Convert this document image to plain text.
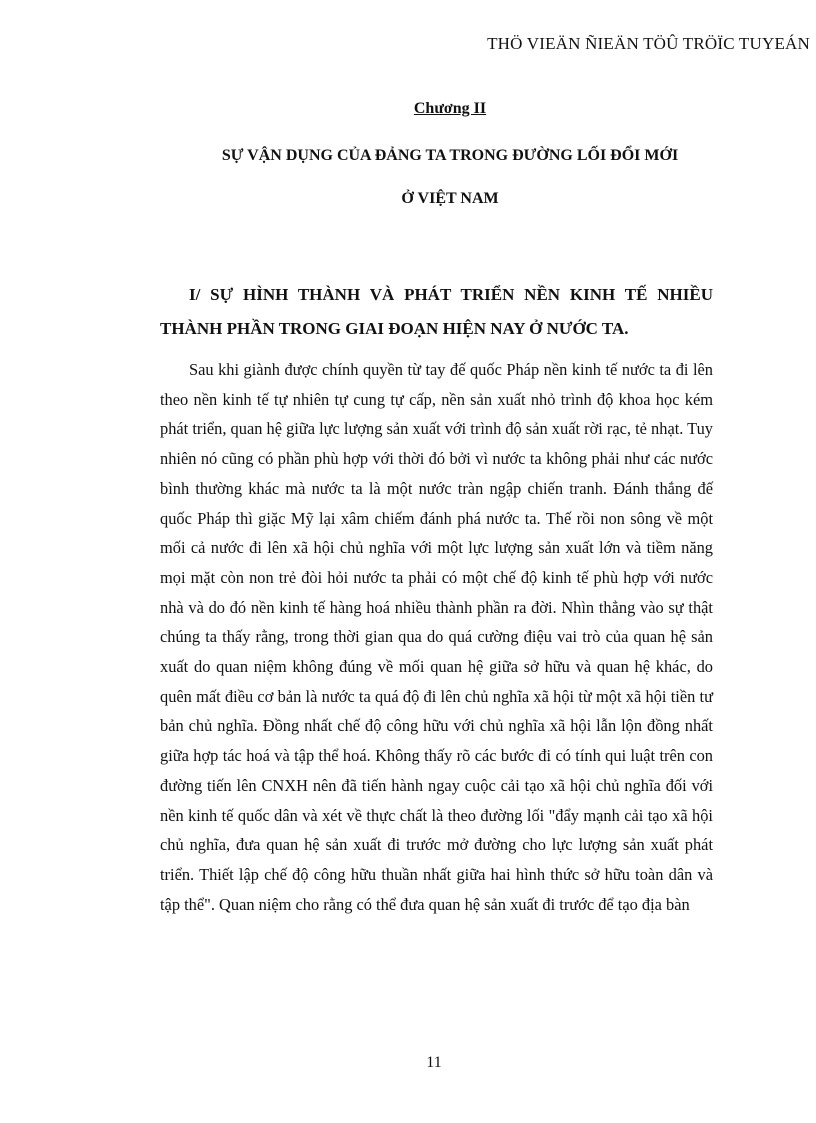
THÖ VIEÄN ÑIEÄN TÖÛ TRÖÏC TUYEÁN
Chương II
SỰ VẬN DỤNG CỦA ĐẢNG TA TRONG ĐƯỜNG LỐI ĐỔI MỚI
Ở VIỆT NAM
I/ SỰ HÌNH THÀNH VÀ PHÁT TRIỂN NỀN KINH TẾ NHIỀU THÀNH PHẦN TRONG GIAI ĐOẠN HIỆN NAY Ở NƯỚC TA.
Sau khi giành được chính quyền từ tay đế quốc Pháp nền kinh tế nước ta đi lên theo nền kinh tế tự nhiên tự cung tự cấp, nền sản xuất nhỏ trình độ khoa học kém phát triển, quan hệ giữa lực lượng sản xuất với trình độ sản xuất rời rạc, tẻ nhạt. Tuy nhiên nó cũng có phần phù hợp với thời đó bởi vì nước ta không phải như các nước bình thường khác mà nước ta là một nước tràn ngập chiến tranh. Đánh thắng đế quốc Pháp thì giặc Mỹ lại xâm chiếm đánh phá nước ta. Thế rồi non sông về một mối cả nước đi lên xã hội chủ nghĩa với một lực lượng sản xuất lớn và tiềm năng mọi mặt còn non trẻ đòi hỏi nước ta phải có một chế độ kinh tế phù hợp với nước nhà và do đó nền kinh tế hàng hoá nhiều thành phần ra đời. Nhìn thẳng vào sự thật chúng ta thấy rằng, trong thời gian qua do quá cường điệu vai trò của quan hệ sản xuất do quan niệm không đúng về mối quan hệ giữa sở hữu và quan hệ khác, do quên mất điều cơ bản là nước ta quá độ đi lên chủ nghĩa xã hội từ một xã hội tiền tư bản chủ nghĩa. Đồng nhất chế độ công hữu với chủ nghĩa xã hội lẫn lộn đồng nhất giữa hợp tác hoá và tập thể hoá. Không thấy rõ các bước đi có tính qui luật trên con đường tiến lên CNXH nên đã tiến hành ngay cuộc cải tạo xã hội chủ nghĩa đối với nền kinh tế quốc dân và xét về thực chất là theo đường lối "đẩy mạnh cải tạo xã hội chủ nghĩa, đưa quan hệ sản xuất đi trước mở đường cho lực lượng sản xuất phát triển. Thiết lập chế độ công hữu thuần nhất giữa hai hình thức sở hữu toàn dân và tập thể". Quan niệm cho rằng có thể đưa quan hệ sản xuất đi trước để tạo địa bàn
11
